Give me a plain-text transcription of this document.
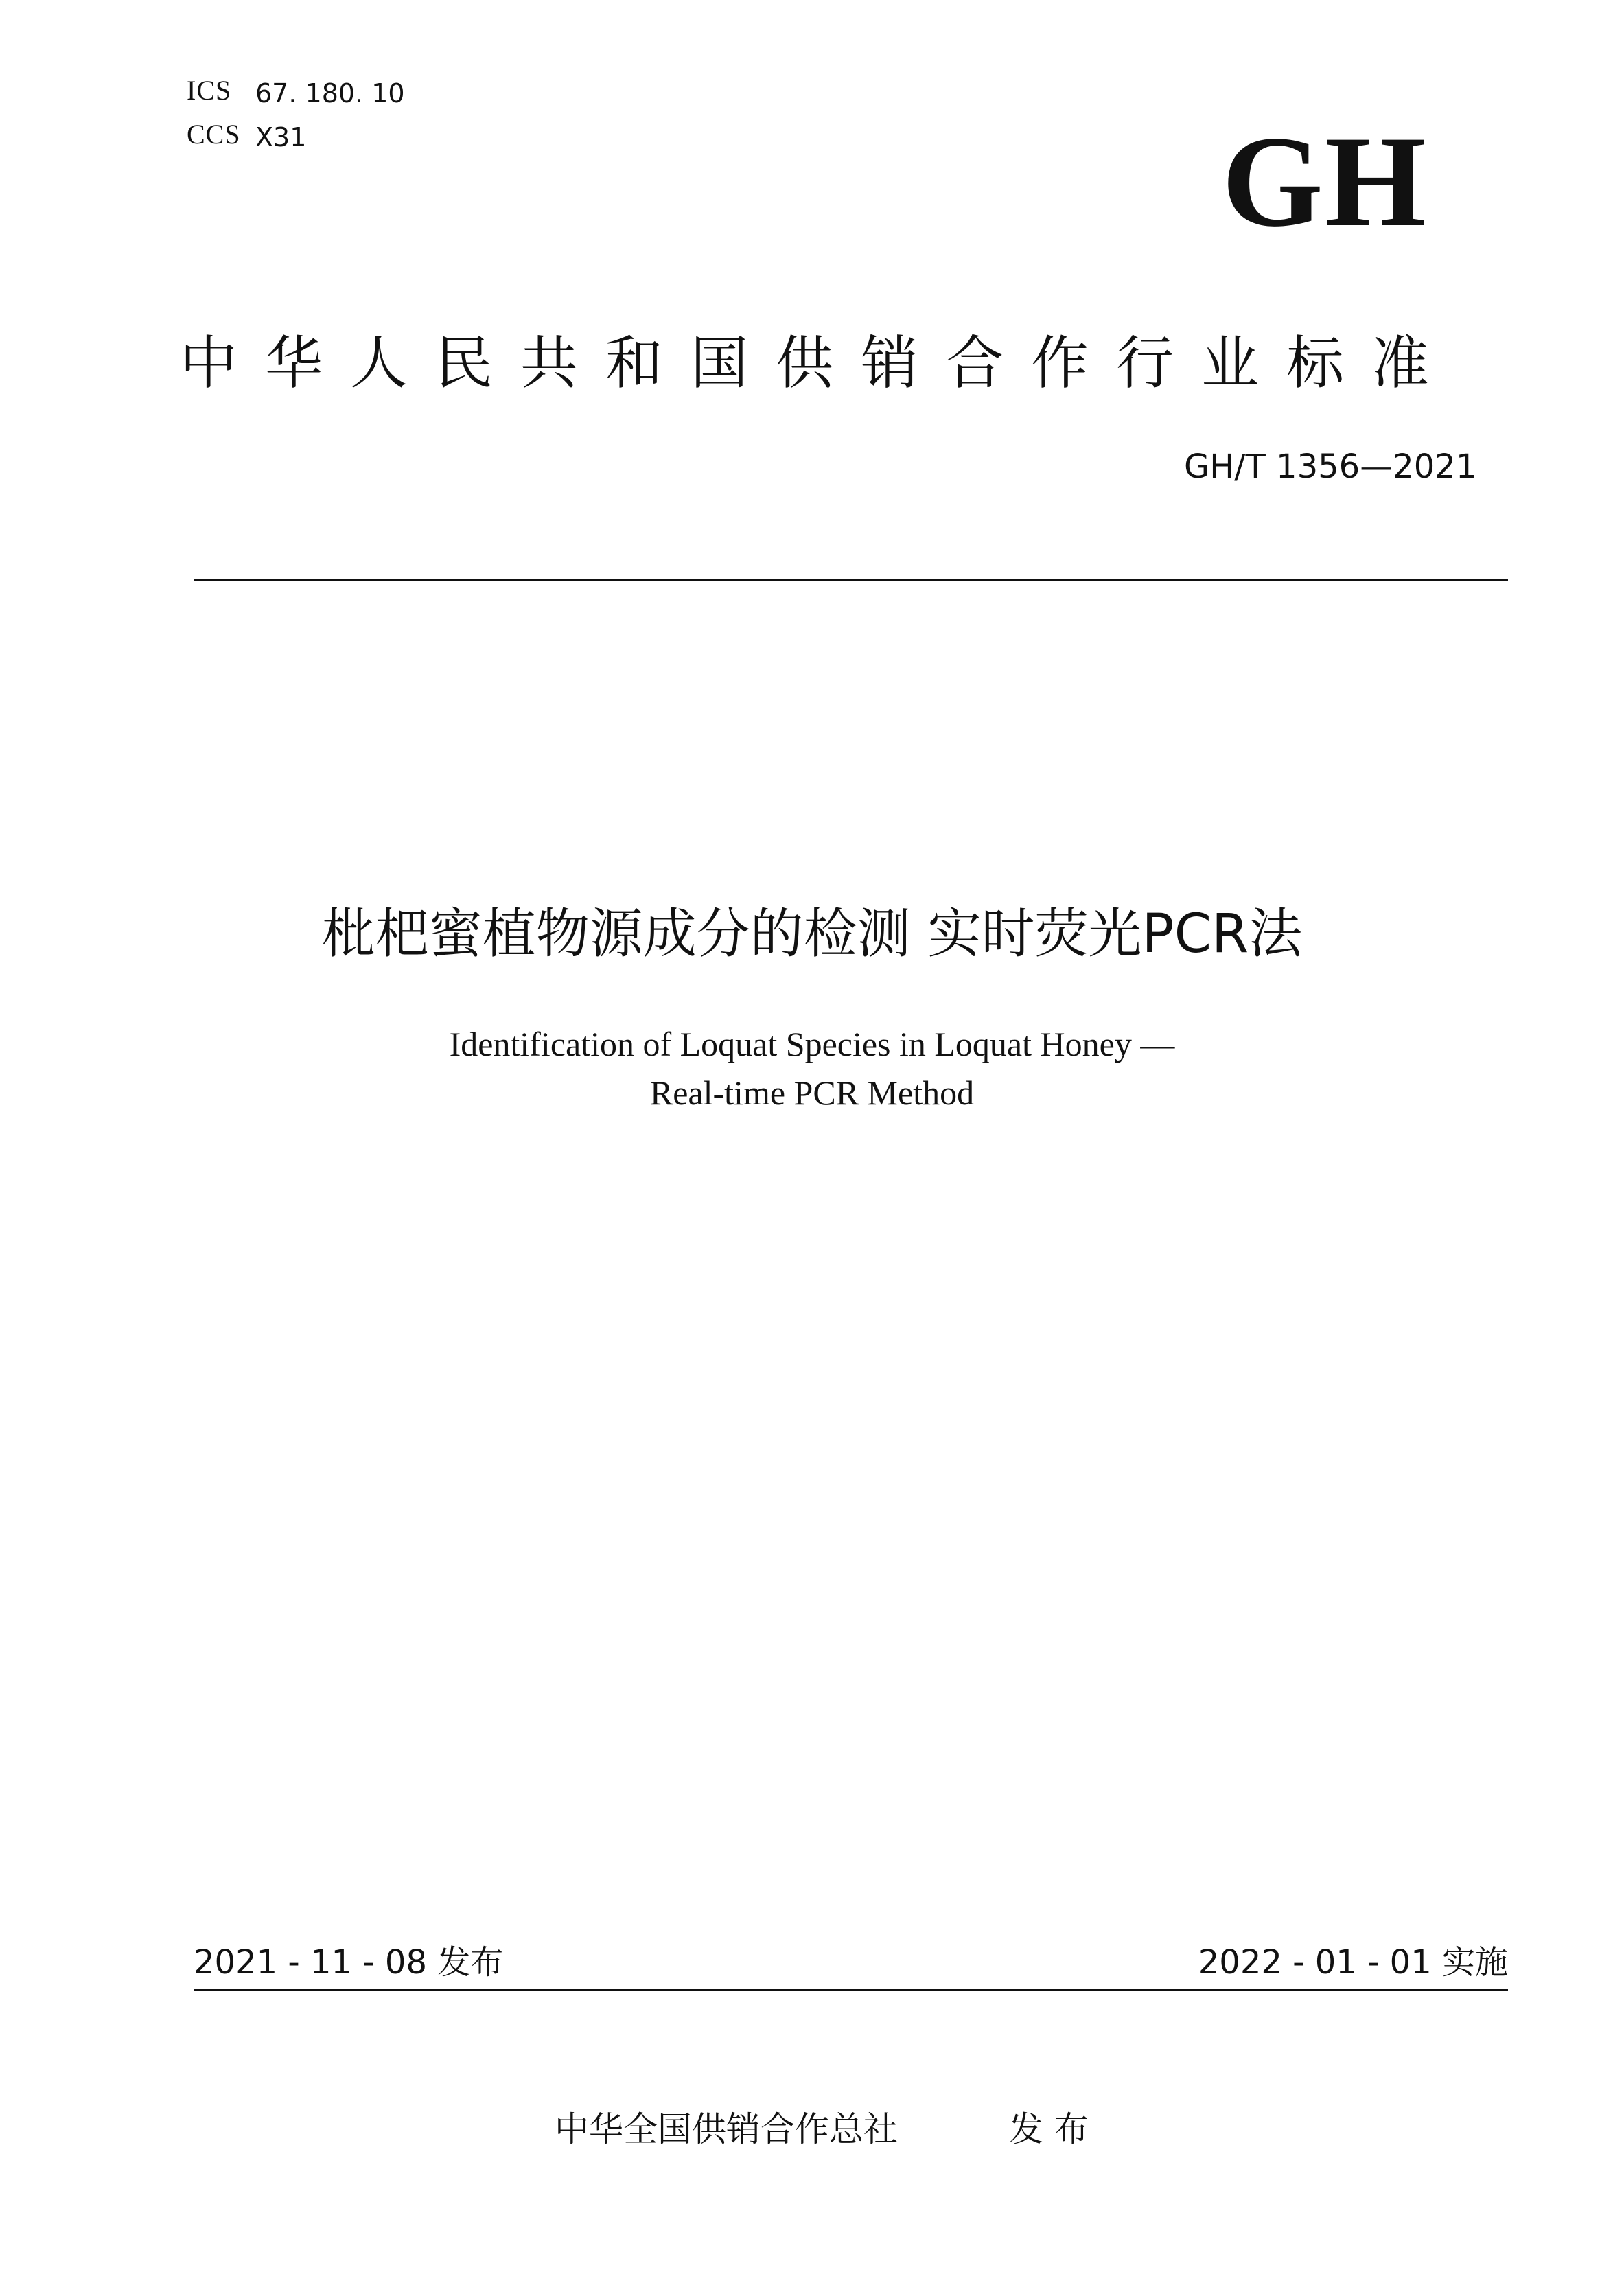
ICS 67. 180. 10
CCS X31	GH
中华人民共和国供销合作行业标准
GH/T 1356—2021
枇杷蜜植物源成分的检测 实时荧光PCR法
Identification of Loquat Species in Loquat Honey —
Real-time PCR Method
2021 - 11 - 08 发布	2022 - 01 - 01 实施
中华全国供销合作总社	发 布
